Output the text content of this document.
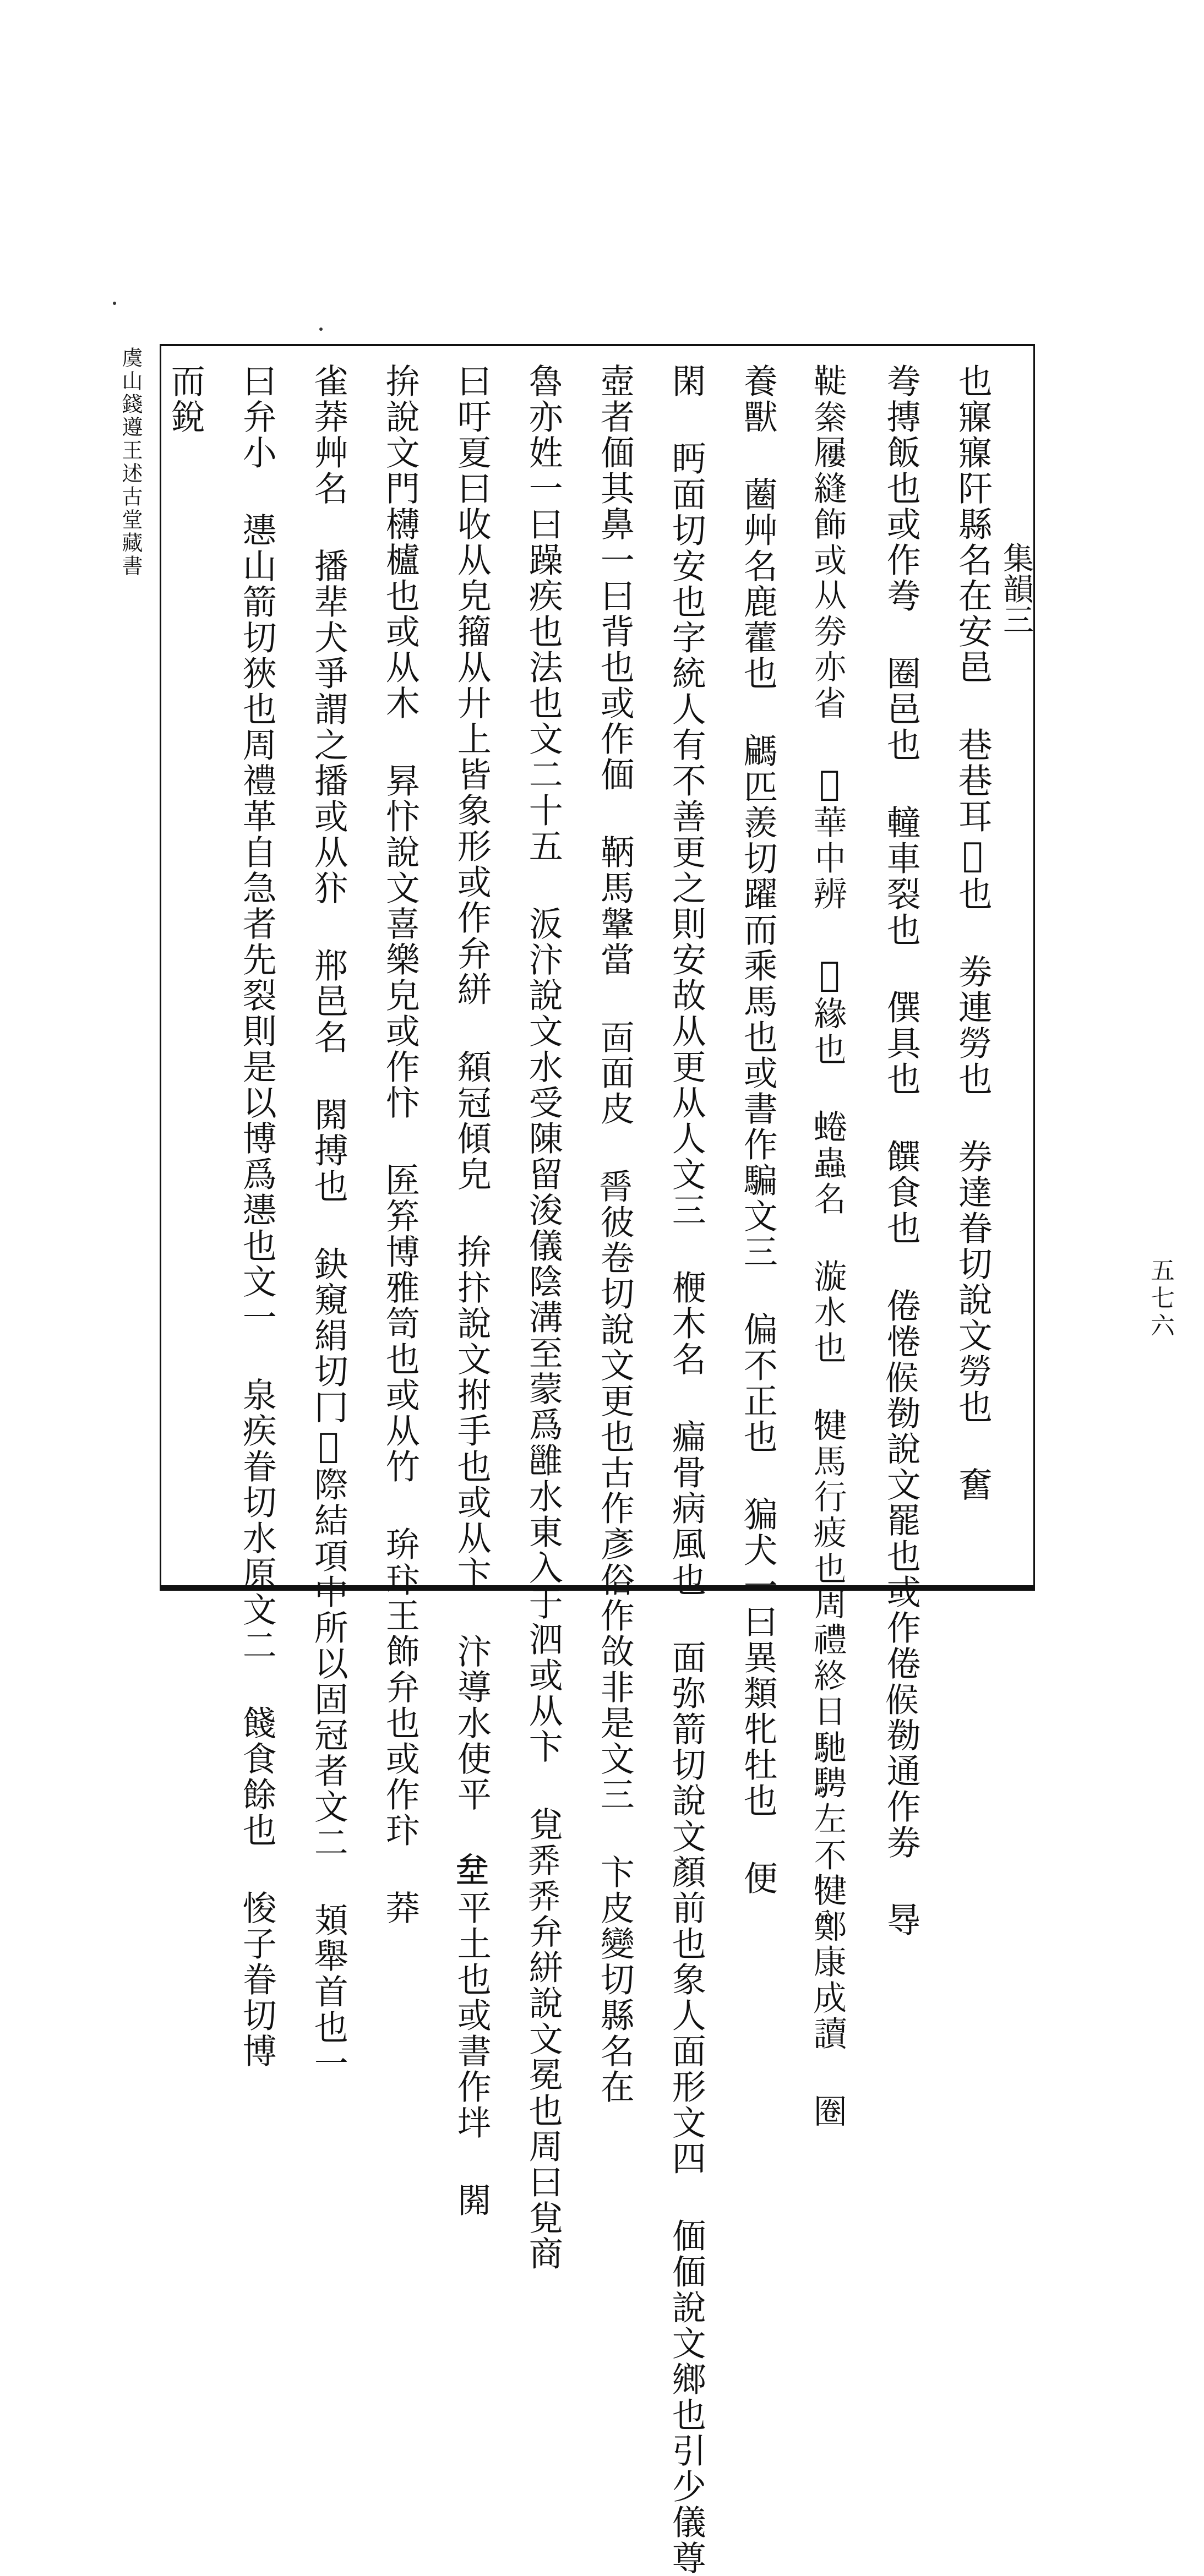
虞山錢遵王述古堂藏書
集韻三
五七六
也寱寱𨸗縣名在安邑 巷巷耳𢿱也 劵連勞也 券達眷切說文勞也 𡚒
弮摶飯也或作弮 圈邑也 䡴車裂也 僎具也 饌食也 倦惓𠋫勌說文罷也或作倦𠋫勌通作劵 䙷
𩋀絭屨縫飾或从劵亦省 𤑲華中辨 𧞃緣也 蜷蟲名 漩水也 犍馬行疲也周禮終日馳騁左不犍鄭康成讀 圈
養獸 蔨艸名鹿藿也 騗匹羨切躍而乘馬也或書作騙文三 偏不正也 猵犬一曰異類牝牡也 便
閑 眄面切安也字統人有不善更之則安故从更从人文三 楩木名 㾫骨病風也 面弥箭切說文顏前也象人面形文四 偭偭說文鄉也引少儀尊
壺者偭其鼻一曰背也或作偭 鞆馬鞶當 靣面皮 𦟝彼卷切說文更也古作彥俗作㪉非是文三 卞皮變切縣名在
魯亦姓一曰躁疾也法也文二十五 汳汴說文水受陳留浚儀陰溝至蒙爲雝水東入于泗或从卞 覍𢍏𢍏弁絣說文冕也周曰覍商
曰吁夏曰收从皃籀从廾上皆象形或作弁絣 頯冠傾皃 拚抃說文拊手也或从卞 汴導水使平 𡊅平土也或書作坢 閞
拚說文門欂櫨也或从木 昪忭說文喜樂皃或作忭 匥笲博雅笥也或从竹 㺹玣王飾弁也或作玣 莽
雀莽艸名 播㹃犬爭謂之播或从犿 郱邑名 閞搏也 鈌窺絹切冂𩬊際結項中所以固冠者文二 頍舉首也一
曰弁小 㦁山箭切狹也周禮革自急者先裂則是以博爲㦁也文一 泉疾眷切水原文二 餞食餘也 悛子眷切博
而銳
